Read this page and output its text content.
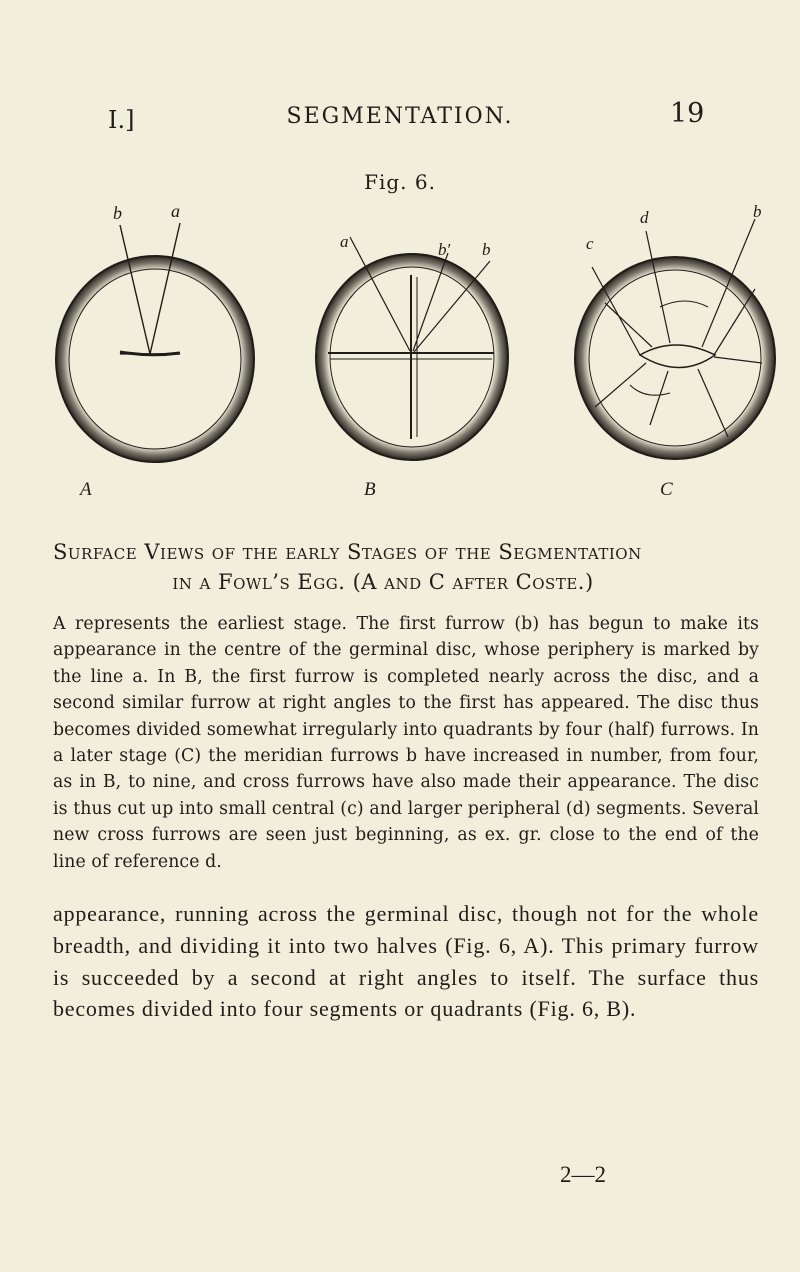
I.]	SEGMENTATION.	19
Fig. 6.
A	B	C
b	a
a	b′ b	c
d	b
Surface Views of the early Stages of the Segmentation
in a Fowl’s Egg. (A and C after Coste.)
A represents the earliest stage. The first furrow (b) has begun to make its appearance in the centre of the germinal disc, whose periphery is marked by the line a. In B, the first furrow is completed nearly across the disc, and a second similar furrow at right angles to the first has appeared. The disc thus becomes divided somewhat irregularly into quadrants by four (half) furrows. In a later stage (C) the meridian furrows b have increased in number, from four, as in B, to nine, and cross furrows have also made their appearance. The disc is thus cut up into small central (c) and larger peripheral (d) segments. Several new cross furrows are seen just beginning, as ex. gr. close to the end of the line of reference d.
appearance, running across the germinal disc, though not for the whole breadth, and dividing it into two halves (Fig. 6, A). This primary furrow is succeeded by a second at right angles to itself. The surface thus becomes divided into four segments or quadrants (Fig. 6, B).
2—2
